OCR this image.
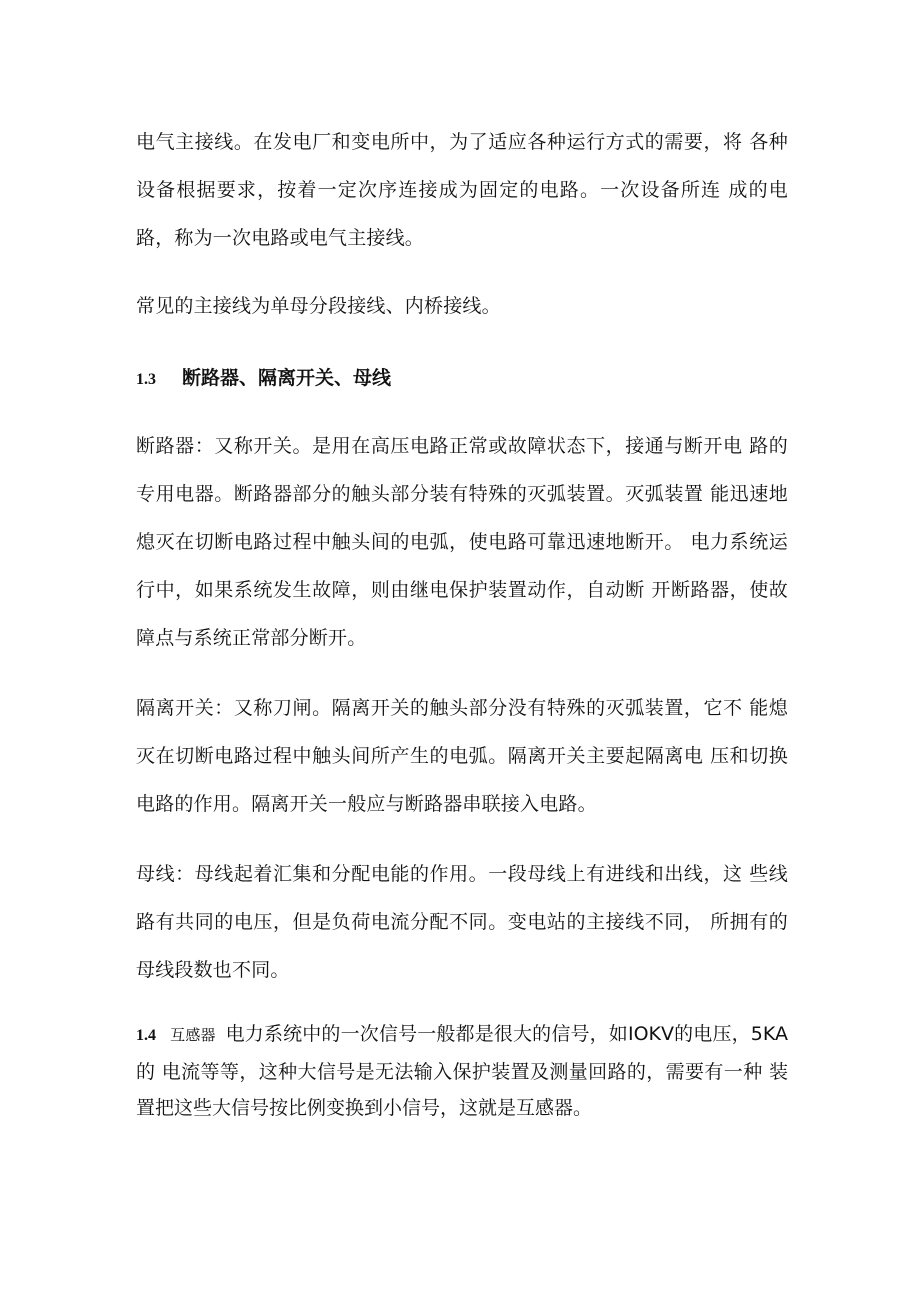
电气主接线。在发电厂和变电所中，为了适应各种运行方式的需要，将 各种设备根据要求，按着一定次序连接成为固定的电路。一次设备所连 成的电路，称为一次电路或电气主接线。

常见的主接线为单母分段接线、内桥接线。

1.3 断路器、隔离开关、母线

断路器：又称开关。是用在高压电路正常或故障状态下，接通与断开电 路的专用电器。断路器部分的触头部分装有特殊的灭弧装置。灭弧装置 能迅速地熄灭在切断电路过程中触头间的电弧，使电路可靠迅速地断开。 电力系统运行中，如果系统发生故障，则由继电保护装置动作，自动断 开断路器，使故障点与系统正常部分断开。

隔离开关：又称刀闸。隔离开关的触头部分没有特殊的灭弧装置，它不 能熄灭在切断电路过程中触头间所产生的电弧。隔离开关主要起隔离电 压和切换电路的作用。隔离开关一般应与断路器串联接入电路。

母线：母线起着汇集和分配电能的作用。一段母线上有进线和出线，这 些线路有共同的电压，但是负荷电流分配不同。变电站的主接线不同， 所拥有的母线段数也不同。

1.4 互感器 电力系统中的一次信号一般都是很大的信号，如IOKV的电压，5KA的 电流等等，这种大信号是无法输入保护装置及测量回路的，需要有一种 装置把这些大信号按比例变换到小信号，这就是互感器。
